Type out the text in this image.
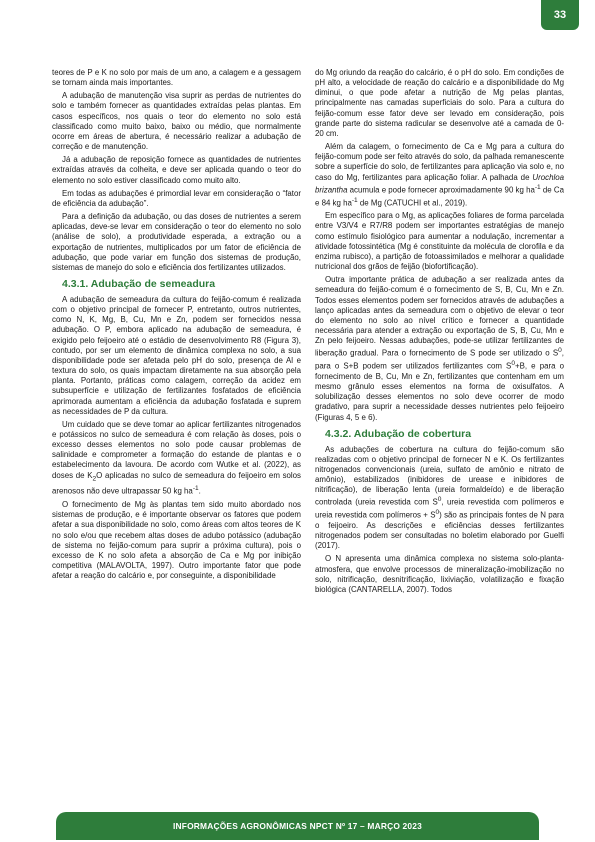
33

teores de P e K no solo por mais de um ano, a calagem e a gessagem se tornam ainda mais importantes.

A adubação de manutenção visa suprir as perdas de nutrientes do solo e também fornecer as quantidades extraídas pelas plantas. Em casos específicos, nos quais o teor do elemento no solo está classificado como muito baixo, baixo ou médio, que normalmente ocorre em áreas de abertura, é necessário realizar a adubação de correção e de manutenção.

Já a adubação de reposição fornece as quantidades de nutrientes extraídas através da colheita, e deve ser aplicada quando o teor do elemento no solo estiver classificado como muito alto.

Em todas as adubações é primordial levar em consideração o “fator de eficiência da adubação”.

Para a definição da adubação, ou das doses de nutrientes a serem aplicadas, deve-se levar em consideração o teor do elemento no solo (análise de solo), a produtividade esperada, a extração ou a exportação de nutrientes, multiplicados por um fator de eficiência de adubação, que pode variar em função dos sistemas de produção, sistemas de manejo do solo e eficiência dos fertilizantes utilizados.

4.3.1. Adubação de semeadura

A adubação de semeadura da cultura do feijão-comum é realizada com o objetivo principal de fornecer P, entretanto, outros nutrientes, como N, K, Mg, B, Cu, Mn e Zn, podem ser fornecidos nessa adubação. O P, embora aplicado na adubação de semeadura, é exigido pelo feijoeiro até o estádio de desenvolvimento R8 (Figura 3), contudo, por ser um elemento de dinâmica complexa no solo, a sua disponibilidade pode ser afetada pelo pH do solo, presença de Al e textura do solo, os quais impactam diretamente na sua absorção pela planta. Portanto, práticas como calagem, correção da acidez em subsuperfície e utilização de fertilizantes fosfatados de eficiência aprimorada aumentam a eficiência da adubação fosfatada e suprem as necessidades de P da cultura.

Um cuidado que se deve tomar ao aplicar fertilizantes nitrogenados e potássicos no sulco de semeadura é com relação às doses, pois o excesso desses elementos no solo pode causar problemas de salinidade e comprometer a formação do estande de plantas e o estabelecimento da lavoura. De acordo com Wutke et al. (2022), as doses de $K_2O$ aplicadas no sulco de semeadura do feijoeiro em solos arenosos não deve ultrapassar 50 kg $ha^{-1}$.

O fornecimento de Mg às plantas tem sido muito abordado nos sistemas de produção, e é importante observar os fatores que podem afetar a sua disponibilidade no solo, como áreas com altos teores de K no solo e/ou que recebem altas doses de adubo potássico (adubação de sistema no feijão-comum para suprir a próxima cultura), pois o excesso de K no solo afeta a absorção de Ca e Mg por inibição competitiva (MALAVOLTA, 1997). Outro importante fator que pode afetar a reação do calcário e, por conseguinte, a disponibilidade

do Mg oriundo da reação do calcário, é o pH do solo. Em condições de pH alto, a velocidade de reação do calcário e a disponibilidade do Mg diminui, o que pode afetar a nutrição de Mg pelas plantas, principalmente nas camadas superficiais do solo. Para a cultura do feijão-comum esse fator deve ser levado em consideração, pois grande parte do sistema radicular se desenvolve até a camada de 0-20 cm.

Além da calagem, o fornecimento de Ca e Mg para a cultura do feijão-comum pode ser feito através do solo, da palhada remanescente sobre a superfície do solo, de fertilizantes para aplicação via solo e, no caso do Mg, fertilizantes para aplicação foliar. A palhada de Urochloa brizantha acumula e pode fornecer aproximadamente 90 kg $ha^{-1}$ de Ca e 84 kg $ha^{-1}$ de Mg (CATUCHI et al., 2019).

Em específico para o Mg, as aplicações foliares de forma parcelada entre V3/V4 e R7/R8 podem ser importantes estratégias de manejo como estímulo fisiológico para aumentar a nodulação, incrementar a atividade fotossintética (Mg é constituinte da molécula de clorofila e da enzima rubisco), a partição de fotoassimilados e melhorar a qualidade nutricional dos grãos de feijão (biofortificação).

Outra importante prática de adubação a ser realizada antes da semeadura do feijão-comum é o fornecimento de S, B, Cu, Mn e Zn. Todos esses elementos podem ser fornecidos através de adubações a lanço aplicadas antes da semeadura com o objetivo de elevar o teor do elemento no solo ao nível crítico e fornecer a quantidade necessária para atender a extração ou exportação de S, B, Cu, Mn e Zn pelo feijoeiro. Nessas adubações, pode-se utilizar fertilizantes de liberação gradual. Para o fornecimento de S pode ser utilizado o $S^0$, para o S+B podem ser utilizados fertilizantes com $S^0+B$, e para o fornecimento de B, Cu, Mn e Zn, fertilizantes que contenham em um mesmo grânulo esses elementos na forma de oxisulfatos. A solubilização desses elementos no solo deve ocorrer de modo gradativo, para suprir a necessidade desses nutrientes pelo feijoeiro (Figuras 4, 5 e 6).

4.3.2. Adubação de cobertura

As adubações de cobertura na cultura do feijão-comum são realizadas com o objetivo principal de fornecer N e K. Os fertilizantes nitrogenados convencionais (ureia, sulfato de amônio e nitrato de amônio), estabilizados (inibidores de urease e inibidores de nitrificação), de liberação lenta (ureia formaldeído) e de liberação controlada (ureia revestida com $S^0$, ureia revestida com polímeros e ureia revestida com polímeros + $S^0$) são as principais fontes de N para o feijoeiro. As descrições e eficiências desses fertilizantes nitrogenados podem ser consultadas no boletim elaborado por Guelfi (2017).

O N apresenta uma dinâmica complexa no sistema solo-planta-atmosfera, que envolve processos de mineralização-imobilização no solo, nitrificação, desnitrificação, lixiviação, volatilização e fixação biológica (CANTARELLA, 2007). Todos

INFORMAÇÕES AGRONÔMICAS NPCT Nº 17 – MARÇO 2023
